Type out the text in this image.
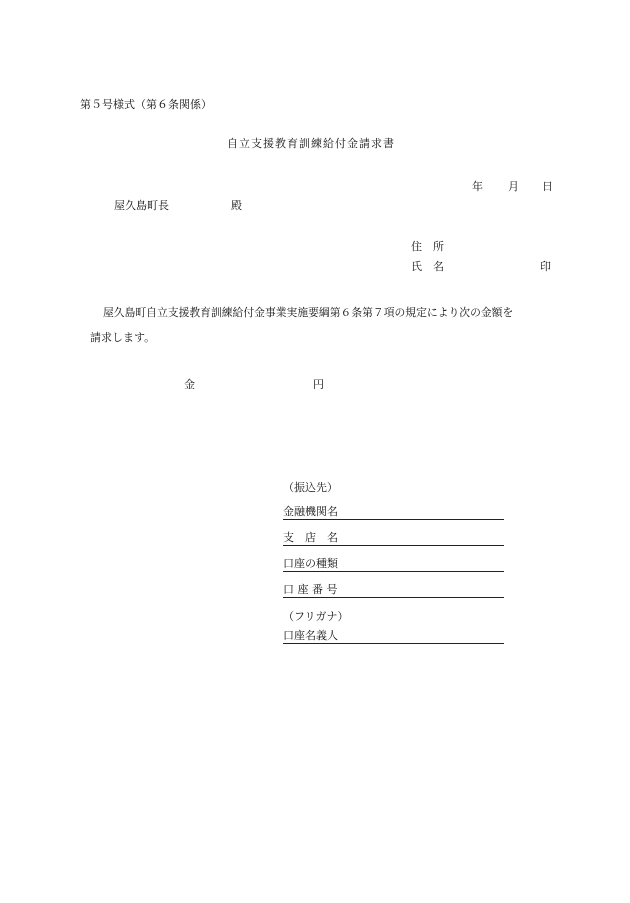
第５号様式（第６条関係）
自立支援教育訓練給付金請求書
年 月 日
屋久島町長	殿
住　所
氏　名	印
屋久島町自立支援教育訓練給付金事業実施要綱第６条第７項の規定により次の金額を
請求します。
金	円
（振込先）
金融機関名
支　店　名
口座の種類
口 座 番 号
（フリガナ）
口座名義人
